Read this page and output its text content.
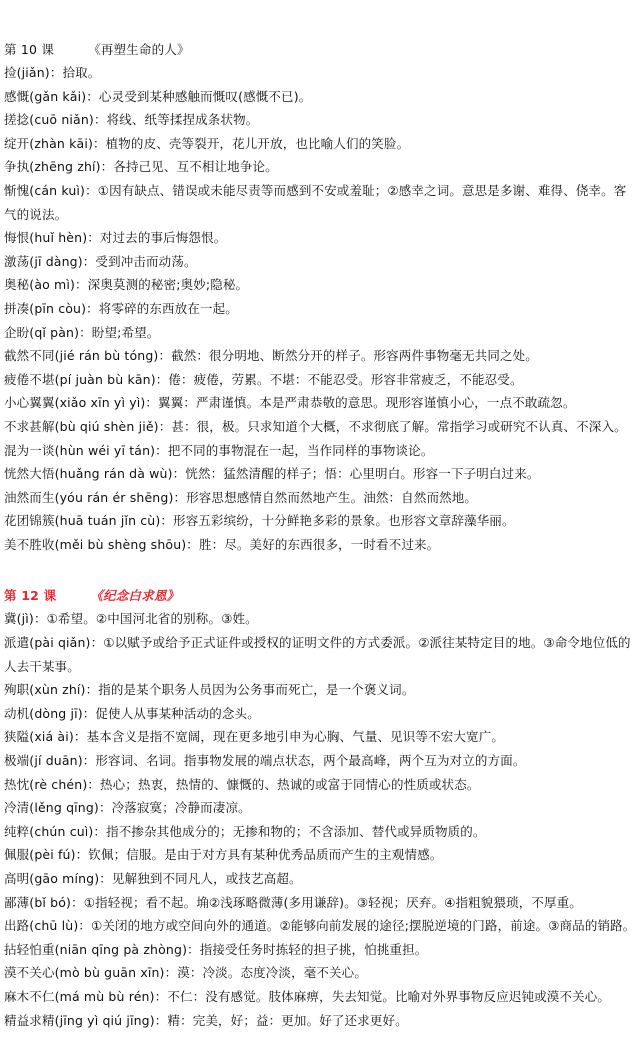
第 10 课	《再塑生命的人》
捡(jiǎn)：拾取。
感慨(gǎn kǎi)：心灵受到某种感触而慨叹(感慨不已)。
搓捻(cuō niǎn)：将线、纸等揉捏成条状物。
绽开(zhàn kāi)：植物的皮、壳等裂开，花儿开放，也比喻人们的笑脸。
争执(zhēng zhí)：各持己见、互不相让地争论。
惭愧(cán kuì)：①因有缺点、错误或未能尽责等而感到不安或羞耻；②感幸之词。意思是多谢、难得、侥幸。客气的说法。
悔恨(huǐ hèn)：对过去的事后悔怨恨。
激荡(jī dàng)：受到冲击而动荡。
奥秘(ào mì)：深奥莫测的秘密;奥妙;隐秘。
拼凑(pīn còu)：将零碎的东西放在一起。
企盼(qǐ pàn)：盼望;希望。
截然不同(jié rán bù tóng)：截然：很分明地、断然分开的样子。形容两件事物毫无共同之处。
疲倦不堪(pí juàn bù kān)：倦：疲倦，劳累。不堪：不能忍受。形容非常疲乏，不能忍受。
小心翼翼(xiǎo xīn yì yì)：翼翼：严肃谨慎。本是严肃恭敬的意思。现形容谨慎小心，一点不敢疏忽。
不求甚解(bù qiú shèn jiě)：甚：很，极。只求知道个大概，不求彻底了解。常指学习或研究不认真、不深入。
混为一谈(hùn wéi yī tán)：把不同的事物混在一起，当作同样的事物谈论。
恍然大悟(huǎng rán dà wù)：恍然：猛然清醒的样子；悟：心里明白。形容一下子明白过来。
油然而生(yóu rán ér shēng)：形容思想感情自然而然地产生。油然：自然而然地。
花团锦簇(huā tuán jǐn cù)：形容五彩缤纷，十分鲜艳多彩的景象。也形容文章辞藻华丽。
美不胜收(měi bù shèng shōu)：胜：尽。美好的东西很多，一时看不过来。
第 12 课	《纪念白求恩》
冀(jì)：①希望。②中国河北省的别称。③姓。
派遣(pài qiǎn)：①以赋予或给予正式证件或授权的证明文件的方式委派。②派往某特定目的地。③命令地位低的人去干某事。
殉职(xùn zhí)：指的是某个职务人员因为公务事而死亡，是一个褒义词。
动机(dòng jī)：促使人从事某种活动的念头。
狭隘(xiá ài)：基本含义是指不宽阔，现在更多地引申为心胸、气量、见识等不宏大宽广。
极端(jí duān)：形容词、名词。指事物发展的端点状态，两个最高峰，两个互为对立的方面。
热忱(rè chén)：热心；热衷，热情的、慷慨的、热诚的或富于同情心的性质或状态。
冷清(lěng qīng)：冷落寂寞；冷静而凄凉。
纯粹(chún cuì)：指不掺杂其他成分的；无掺和物的；不含添加、替代或异质物质的。
佩服(pèi fú)：钦佩；信服。是由于对方具有某种优秀品质而产生的主观情感。
高明(gāo míng)：见解独到不同凡人，或技艺高超。
鄙薄(bǐ bó)：①指轻视；看不起。埆②浅琢略微薄(多用谦辞)。③轻视；厌弃。④指粗貌猥琐，不厚重。
出路(chū lù)：①关闭的地方或空间向外的通道。②能够向前发展的途径;摆脱逆境的门路，前途。③商品的销路。
拈轻怕重(niān qīng pà zhòng)：指接受任务时拣轻的担子挑，怕挑重担。
漠不关心(mò bù guān xīn)：漠：冷淡。态度冷淡，毫不关心。
麻木不仁(má mù bù rén)：不仁：没有感觉。肢体麻痹，失去知觉。比喻对外界事物反应迟钝或漠不关心。
精益求精(jīng yì qiú jīng)：精：完美，好；益：更加。好了还求更好。
